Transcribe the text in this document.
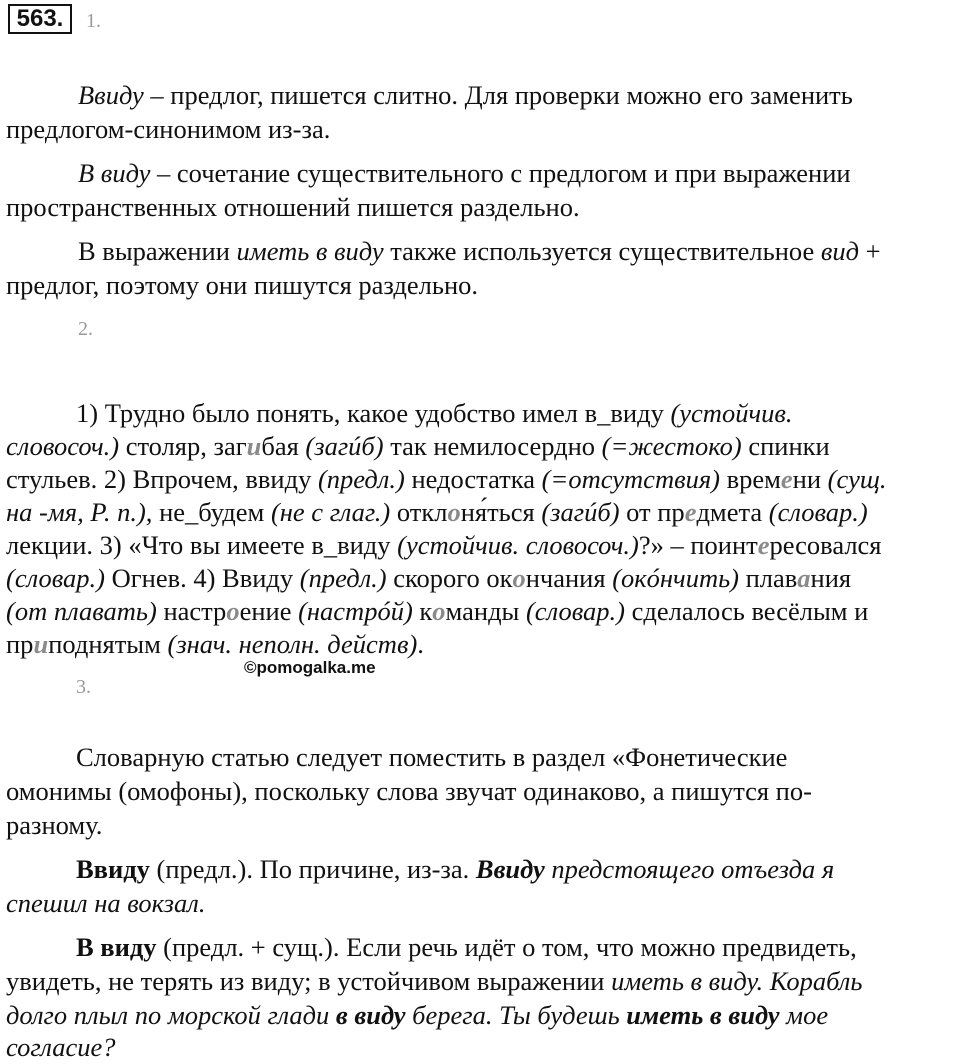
563.	1.
Ввиду – предлог, пишется слитно. Для проверки можно его заменить
предлогом-синонимом из-за.
В виду – сочетание существительного с предлогом и при выражении
пространственных отношений пишется раздельно.
В выражении иметь в виду также используется существительное вид +
предлог, поэтому они пишутся раздельно.
2.
1) Трудно было понять, какое удобство имел в_виду (устойчив.
словосоч.) столяр, загибая (загúб) так немилосердно (=жестоко) спинки
стульев. 2) Впрочем, ввиду (предл.) недостатка (=отсутствия) времени (сущ.
на -мя, Р. п.), не_будем (не с глаг.) отклоня́ться (загúб) от предмета (словар.)
лекции. 3) «Что вы имеете в_виду (устойчив. словосоч.)?» – поинтересовался
(словар.) Огнев. 4) Ввиду (предл.) скорого окончания (окóнчить) плавания
(от плавать) настроение (настрóй) команды (словар.) сделалось весёлым и
приподнятым (знач. неполн. действ).
©pomogalka.me
3.
Словарную статью следует поместить в раздел «Фонетические
омонимы (омофоны), поскольку слова звучат одинаково, а пишутся по-
разному.
Ввиду (предл.). По причине, из-за. Ввиду предстоящего отъезда я
спешил на вокзал.
В виду (предл. + сущ.). Если речь идёт о том, что можно предвидеть,
увидеть, не терять из виду; в устойчивом выражении иметь в виду. Корабль
долго плыл по морской глади в виду берега. Ты будешь иметь в виду мое
согласие?
